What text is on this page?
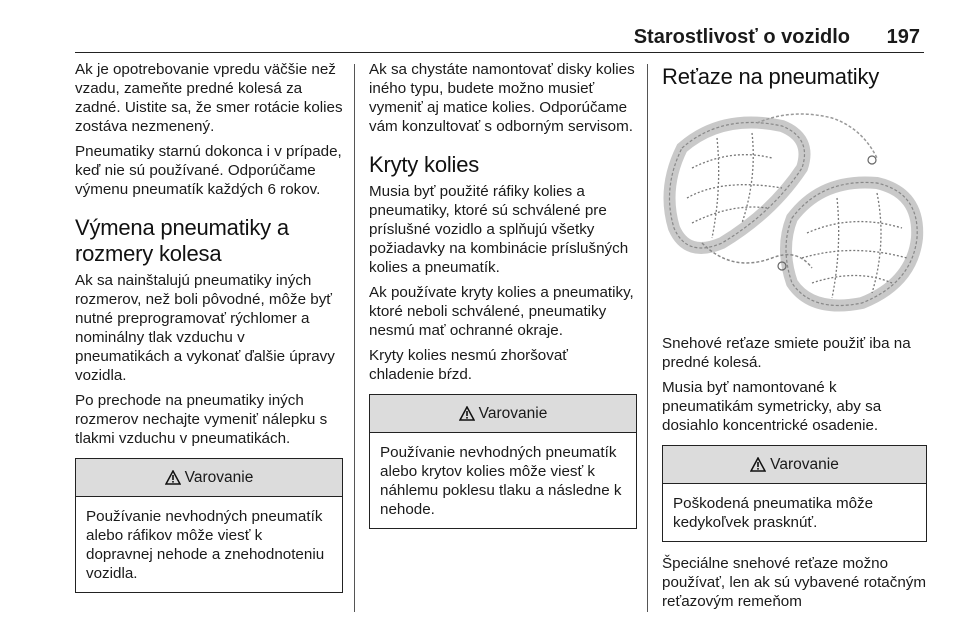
Starostlivosť o vozidlo 197

Ak je opotrebovanie vpredu väčšie než vzadu, zameňte predné kolesá za zadné. Uistite sa, že smer rotácie kolies zostáva nezmenený.

Pneumatiky starnú dokonca i v prípade, keď nie sú používané. Odporúčame výmenu pneumatík každých 6 rokov.

Výmena pneumatiky a rozmery kolesa

Ak sa nainštalujú pneumatiky iných rozmerov, než boli pôvodné, môže byť nutné preprogramovať rýchlomer a nominálny tlak vzduchu v pneumatikách a vykonať ďalšie úpravy vozidla.

Po prechode na pneumatiky iných rozmerov nechajte vymeniť nálepku s tlakmi vzduchu v pneumatikách.

Varovanie
Používanie nevhodných pneumatík alebo ráfikov môže viesť k dopravnej nehode a znehodnoteniu vozidla.

Ak sa chystáte namontovať disky kolies iného typu, budete možno musieť vymeniť aj matice kolies. Odporúčame vám konzultovať s odborným servisom.

Kryty kolies

Musia byť použité ráfiky kolies a pneumatiky, ktoré sú schválené pre príslušné vozidlo a splňujú všetky požiadavky na kombinácie príslušných kolies a pneumatík.

Ak používate kryty kolies a pneumatiky, ktoré neboli schválené, pneumatiky nesmú mať ochranné okraje.

Kryty kolies nesmú zhoršovať chladenie bŕzd.

Varovanie
Používanie nevhodných pneumatík alebo krytov kolies môže viesť k náhlemu poklesu tlaku a následne k nehode.
Reťaze na pneumatiky

Snehové reťaze smiete použiť iba na predné kolesá.

Musia byť namontované k pneumatikám symetricky, aby sa dosiahlo koncentrické osadenie.

Varovanie
Poškodená pneumatika môže kedykoľvek prasknúť.

Špeciálne snehové reťaze možno používať, len ak sú vybavené rotačným reťazovým remeňom
